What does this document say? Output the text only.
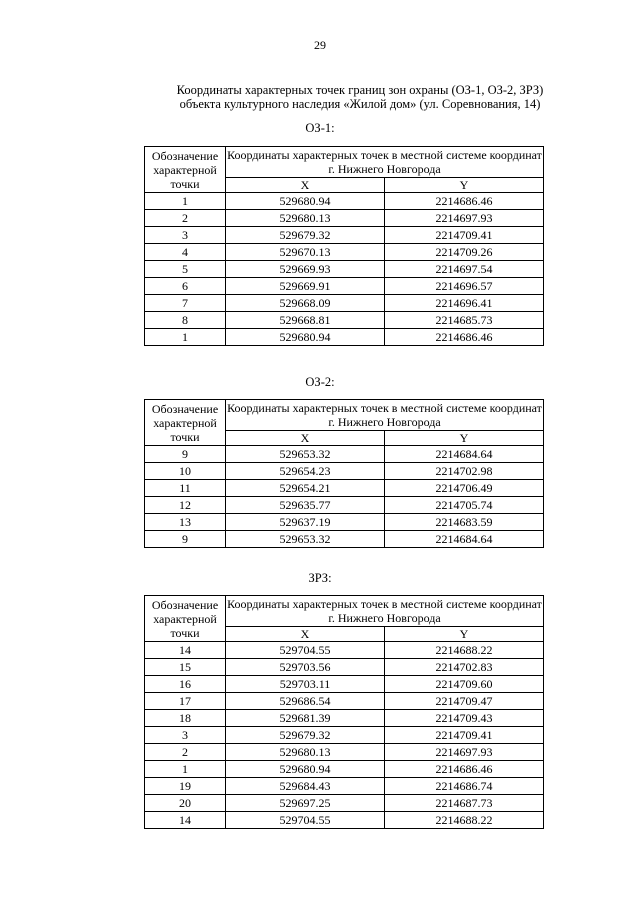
29
Координаты характерных точек границ зон охраны (ОЗ-1, ОЗ-2, ЗРЗ)
объекта культурного наследия «Жилой дом» (ул. Соревнования, 14)
ОЗ-1:
Обозначение характерной точки	Координаты характерных точек в местной системе координат г. Нижнего Новгорода	
	X	Y
1	529680.94	2214686.46
2	529680.13	2214697.93
3	529679.32	2214709.41
4	529670.13	2214709.26
5	529669.93	2214697.54
6	529669.91	2214696.57
7	529668.09	2214696.41
8	529668.81	2214685.73
1	529680.94	2214686.46
ОЗ-2:
Обозначение характерной точки	Координаты характерных точек в местной системе координат г. Нижнего Новгорода	
	X	Y
9	529653.32	2214684.64
10	529654.23	2214702.98
11	529654.21	2214706.49
12	529635.77	2214705.74
13	529637.19	2214683.59
9	529653.32	2214684.64
ЗРЗ:
Обозначение характерной точки	Координаты характерных точек в местной системе координат г. Нижнего Новгорода	
	X	Y
14	529704.55	2214688.22
15	529703.56	2214702.83
16	529703.11	2214709.60
17	529686.54	2214709.47
18	529681.39	2214709.43
3	529679.32	2214709.41
2	529680.13	2214697.93
1	529680.94	2214686.46
19	529684.43	2214686.74
20	529697.25	2214687.73
14	529704.55	2214688.22
